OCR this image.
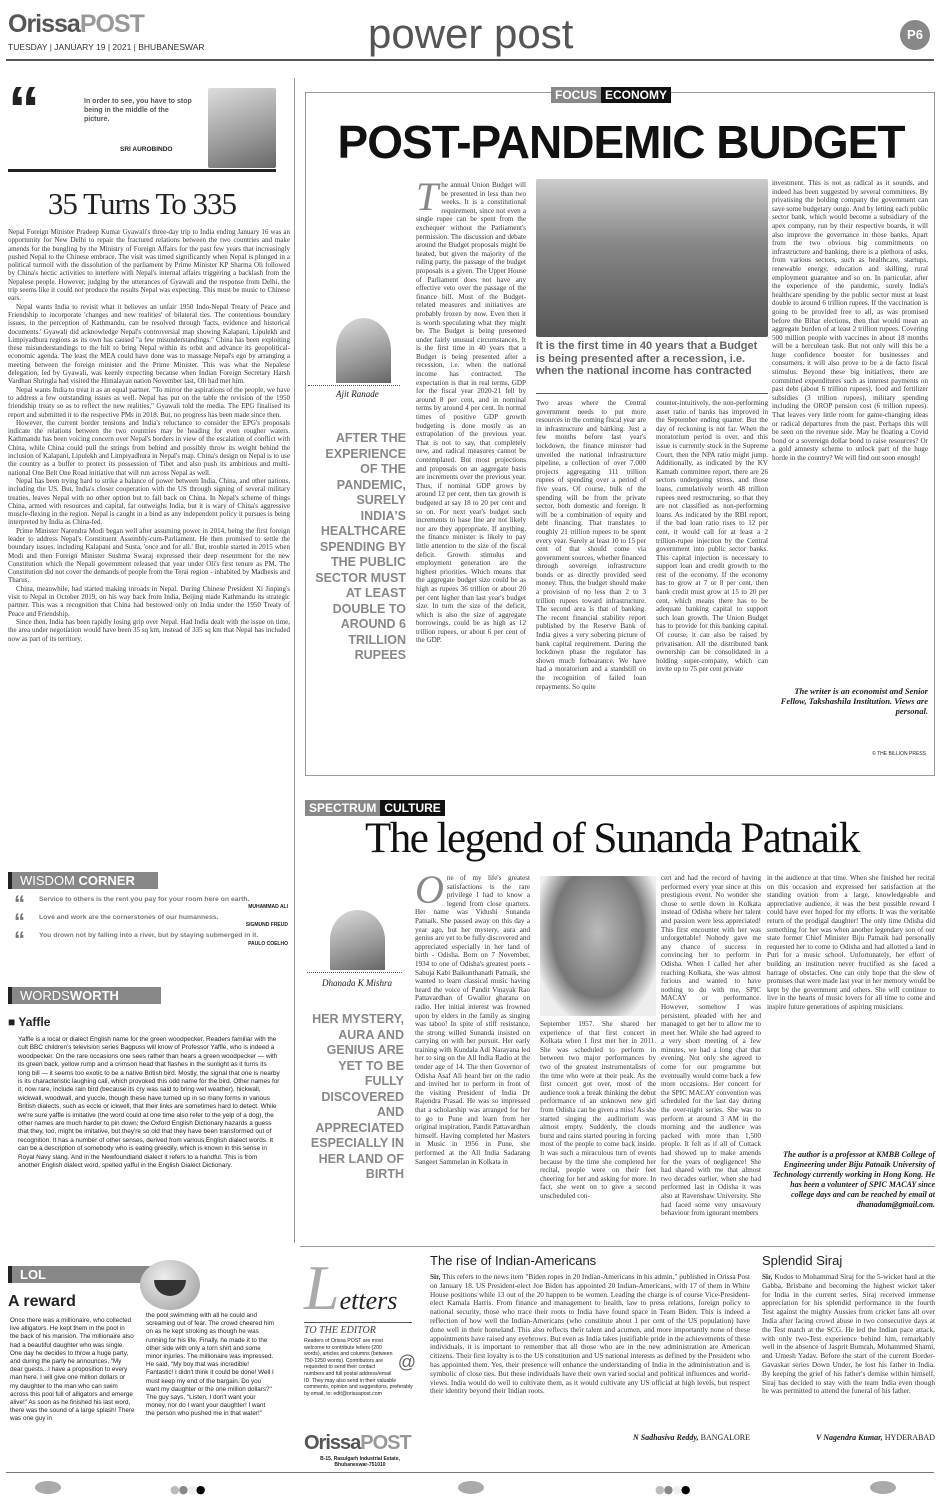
OrissaPOST
TUESDAY | JANUARY 19 | 2021 | BHUBANESWAR	power post	P6
“	In order to see, you have to stop being in the middle of the picture.
SRI AUROBINDO
35 Turns To 335

Nepal Foreign Minister Pradeep Kumar Gyawali's three-day trip to India ending January 16 was an opportunity for New Delhi to repair the fractured relations between the two countries and make amends for the bungling by the Ministry of Foreign Affairs for the past few years that increasingly pushed Nepal to the Chinese embrace. The visit was timed significantly when Nepal is plunged in a political turmoil with the dissolution of the parliament by Prime Minister KP Sharma Oli followed by China's hectic activities to interfere with Nepal's internal affairs triggering a backlash from the Nepalese people. However, judging by the utterances of Gyawali and the response from Delhi, the trip seems like it could not produce the results Nepal was expecting. This must be music to Chinese ears.

Nepal wants India to revisit what it believes an unfair 1950 Indo-Nepal Treaty of Peace and Friendship to incorporate 'changes and new realities' of bilateral ties. The contentious boundary issues, in the perception of Kathmandu, can be resolved through 'facts, evidence and historical documents.' Gyawali did acknowledge Nepal's controversial map showing Kalapani, Lipulekh and Limpiyadhura regions as its own has caused "a few misunderstandings." China has been exploiting these misunderstandings to the hilt to bring Nepal within its orbit and advance its geopolitical-economic agenda. The least the MEA could have done was to massage Nepal's ego by arranging a meeting between the foreign minister and the Prime Minister. This was what the Nepalese delegation, led by Gyawali, was keenly expecting because when Indian Foreign Secretary Harsh Vardhan Shringla had visited the Himalayan nation November last, Oli had met him.

Nepal wants India to treat it as an equal partner. "To mirror the aspirations of the people, we have to address a few outstanding issues as well. Nepal has put on the table the revision of the 1950 friendship treaty so as to reflect the new realities," Gyawali told the media. The EPG finalised its report and submitted it to the respective PMs in 2018. But, no progress has been made since then.

However, the current border tensions and India's reluctance to consider the EPG's proposals indicate the relations between the two countries may be heading for even rougher waters. Kathmandu has been voicing concern over Nepal's borders in view of the escalation of conflict with China, while China could pull the strings from behind and possibly throw its weight behind the inclusion of Kalapani, Lipulekh and Limpiyadhura in Nepal's map. China's design on Nepal is to use the country as a buffer to protect its possession of Tibet and also push its ambitious and multi-national One Belt One Road initiative that will run across Nepal as well.

Nepal has been trying hard to strike a balance of power between India, China, and other nations, including the US. But, India's closer cooperation with the US through signing of several military treaties, leaves Nepal with no other option but to fall back on China. In Nepal's scheme of things China, armed with resources and capital, far outweighs India, but it is wary of China's aggressive muscle-flexing in the region. Nepal is caught in a bind as any independent policy it pursues is being interpreted by India as China-fed.

Prime Minister Narendra Modi began well after assuming power in 2014, being the first foreign leader to address Nepal's Constituent Assembly-cum-Parliament. He then promised to settle the boundary issues, including Kalapani and Susta, 'once and for all.' But, trouble started in 2015 when Modi and then Foreign Minister Sushma Swaraj expressed their deep resentment for the new Constitution which the Nepali government released that year under Oli's first tenure as PM. The Constitution did not cover the demands of people from the Terai region - inhabited by Madhesis and Tharus.

China, meanwhile, had started making inroads in Nepal. During Chinese President Xi Jinping's visit to Nepal in October 2019, on his way back from India, Beijing made Kathmandu its strategic partner. This was a recognition that China had bestowed only on India under the 1950 Treaty of Peace and Friendship.

Since then, India has been rapidly losing grip over Nepal. Had India dealt with the issue on time, the area under negotiation would have been 35 sq km, instead of 335 sq km that Nepal has included now as part of its territory.

WISDOM CORNER
“ Service to others is the rent you pay for your room here on earth.
MUHAMMAD ALI
“ Love and work are the cornerstones of our humanness.
SIGMUND FREUD
“ You drown not by falling into a river, but by staying submerged in it.
PAULO COELHO
WORDSWORTH
■ Yaffle
Yaffle is a local or dialect English name for the green woodpecker. Readers familiar with the cult BBC children's television series Bagpuss will know of Professor Yaffle, who is indeed a woodpecker. On the rare occasions one sees rather than hears a green woodpecker — with its green back, yellow rump and a crimson head that flashes in the sunlight as it turns its long bill — it seems too exotic to be a native British bird. Mostly, the signal that one is nearby is its characteristic laughing call, which provoked this odd name for the bird. Other names for it, now rare, include rain bird (because its cry was said to bring wet weather), hickwall, wickwall, woodwall, and yuccle, though these have turned up in so many forms in various British dialects, such as eccle or ickwell, that their links are sometimes hard to detect. While we're sure yaffle is imitative (the word could at one time also refer to the yelp of a dog), the other names are much harder to pin down; the Oxford English Dictionary hazards a guess that they, too, might be imitative, but they're so old that they have been transformed out of recognition. It has a number of other senses, derived from various English dialect words. It can be a description of somebody who is eating greedily, which is known in this sense in Royal Navy slang. And in the Newfoundland dialect it refers to a handful. This is from another English dialect word, spelled yafful in the English Dialect Dictionary.
LOL
A reward
Once there was a millionaire, who collected live alligators. He kept them in the pool in the back of his mansion. The millionaire also had a beautiful daughter who was single. One day he decides to throw a huge party, and during the party he announces, "My dear guests...I have a proposition to every man here. I will give one million dollars or my daughter to the man who can swim across this pool full of alligators and emerge alive!" As soon as he finished his last word, there was the sound of a large splash! There was one guy in
the pool swimming with all he could and screaming out of fear. The crowd cheered him on as he kept stroking as though he was running for his life. Finally, he made it to the other side with only a torn shirt and some minor injuries. The millionaire was impressed. He said, "My boy that was incredible! Fantastic! I didn't think it could be done! Well I must keep my end of the bargain. Do you want my daughter or the one million dollars?" The guy says, "Listen, I don't want your money, nor do I want your daughter! I want the person who pushed me in that water!"
FOCUS ECONOMY
POST-PANDEMIC BUDGET
Ajit Ranade
AFTER THE EXPERIENCE OF THE PANDEMIC, SURELY INDIA'S HEALTHCARE SPENDING BY THE PUBLIC SECTOR MUST AT LEAST DOUBLE TO AROUND 6 TRILLION RUPEES
The annual Union Budget will be presented in less than two weeks. It is a constitutional requirement, since not even a single rupee can be spent from the exchequer without the Parliament's permission. The discussion and debate around the Budget proposals might be heated, but given the majority of the ruling party, the passage of the budget proposals is a given. The Upper House of Parliament does not have any effective veto over the passage of the finance bill. Most of the Budget-related measures and initiatives are probably frozen by now. Even then it is worth speculating what they might be. The Budget is being presented under fairly unusual circumstances. It is the first time in 40 years that a Budget is being presented after a recession, i.e. when the national income has contracted. The expectation is that in real terms, GDP for the fiscal year 2020-21 fell by around 8 per cent, and in nominal terms by around 4 per cent. In normal times of positive GDP growth budgeting is done mostly as an extrapolation of the previous year. That is not to say, that completely new, and radical measures cannot be contemplated. But most projections and proposals on an aggregate basis are increments over the previous year. Thus, if nominal GDP grows by around 12 per cent, then tax growth is budgeted at say 18 to 20 per cent and so on. For next year's budget such increments to base line are not likely nor are they appropriate. If anything, the finance minister is likely to pay little attention to the size of the fiscal deficit. Growth stimulus and employment generation are the highest priorities. Which means that the aggregate budget size could be as high as rupees 36 trillion or about 20 per cent higher than last year's budget size. In turn the size of the deficit, which is also the size of aggregate borrowings, could be as high as 12 trillion rupees, or about 6 per cent of the GDP.
It is the first time in 40 years that a Budget is being presented after a recession, i.e. when the national income has contracted
Two areas where the Central government needs to put more resources in the coming fiscal year are in infrastructure and banking. Just a few months before last year's lockdown, the finance minister had unveiled the national infrastructure pipeline, a collection of over 7,000 projects aggregating 111 trillion rupees of spending over a period of five years. Of course, bulk of the spending will be from the private sector, both domestic and foreign. It will be a combination of equity and debt financing. That translates to roughly 21 trillion rupees to be spent every year. Surely at least 10 to 15 per cent of that should come via government sources, whether financed through sovereign infrastructure bonds or as directly provided seed money. Thus, the budget should make a provision of no less than 2 to 3 trillion rupees toward infrastructure. The second area is that of banking. The recent financial stability report published by the Reserve Bank of India gives a very sobering picture of bank capital requirement. During the lockdown phase the regulator has shown much forbearance. We have had a moratorium and a standstill on the recognition of failed loan repayments. So quite
counter-intuitively, the non-performing asset ratio of banks has improved in the September ending quarter. But the day of reckoning is not far. When the moratorium period is over, and this issue is currently stuck in the Supreme Court, then the NPA ratio might jump. Additionally, as indicated by the KV Kamath committee report, there are 26 sectors undergoing stress, and those loans, cumulatively worth 48 trillion rupees need restructuring, so that they are not classified as non-performing loans. As indicated by the RBI report, if the bad loan ratio rises to 12 per cent, it would call for at least a 2 trillion-rupee injection by the Central government into public sector banks. This capital injection is necessary to support loan and credit growth to the rest of the economy. If the economy has to grow at 7 or 8 per cent, then bank credit must grow at 15 to 20 per cent, which means there has to be adequate banking capital to support such loan growth. The Union Budget has to provide for this banking capital. Of course, it can also be raised by privatisation. All the distributed bank ownership can be consolidated in a holding super-company, which can invite up to 75 per cent private
investment. This is not as radical as it sounds, and indeed has been suggested by several committees. By privatising the holding company the government can save some budgetary outgo. And by letting each public sector bank, which would become a subsidiary of the apex company, run by their respective boards, it will also improve the governance in those banks. Apart from the two obvious big commitments on infrastructure and banking, there is a plethora of asks, from various sectors, such as healthcare, startups, renewable energy, education and skilling, rural employment guarantee and so on. In particular, after the experience of the pandemic, surely India's healthcare spending by the public sector must at least double to around 6 trillion rupees. If the vaccination is going to be provided free to all, as was promised before the Bihar elections, then that would mean an aggregate burden of at least 2 trillion rupees. Covering 500 million people with vaccines in about 18 months will be a herculean task. But not only will this be a huge confidence booster for businesses and consumers, it will also prove to be a de facto fiscal stimulus. Beyond these big initiatives, there are committed expenditures such as interest payments on past debt (about 6 trillion rupees), food and fertilizer subsidies (3 trillion rupees), military spending including the OROP pension cost (6 trillion rupees). That leaves very little room for game-changing ideas or radical departures from the past. Perhaps this will be seen on the revenue side. May be floating a Covid bond or a sovereign dollar bond to raise resources? Or a gold amnesty scheme to unlock part of the huge horde in the country? We will find out soon enough!
The writer is an economist and Senior Fellow, Takshashila Institution. Views are personal.
© THE BILLION PRESS
SPECTRUM CULTURE
The legend of Sunanda Patnaik
Dhanada K Mishra
HER MYSTERY, AURA AND GENIUS ARE YET TO BE FULLY DISCOVERED AND APPRECIATED ESPECIALLY IN HER LAND OF BIRTH
One of my life's greatest satisfactions is the rare privilege I had to know a legend from close quarters. Her name was Vidushi Sunanda Patnaik. She passed away on this day a year ago, but her mystery, aura and genius are yet to be fully discovered and appreciated especially in her land of birth - Odisha. Born on 7 November, 1934 to one of Odisha's greatest poets - Sabuja Kabi Baikunthanath Patnaik, she wanted to learn classical music having heard the voice of Pandit Vinayak Rao Pattavardhan of Gwalior gharana on radio. Her initial interest was frowned upon by elders in the family as singing was taboo! In spite of stiff resistance, the strong willed Sunanda insisted on carrying on with her pursuit. Her early training with Kundala Adi Narayana led her to sing on the All India Radio at the tender age of 14. The then Governor of Odisha Asaf Ali heard her on the radio and invited her to perform in front of the visiting President of India Dr Rajendra Prasad. He was so impressed that a scholarship was arranged for her to go to Pune and learn from her original inspiration, Pandit Pattavardhan himself. Having completed her Masters in Music in 1956 in Pune, she performed at the All India Sadarang Sangeet Sammelan in Kolkata in
September 1957. She shared her experience of that first concert in Kolkata when I first met her in 2011. She was scheduled to perform in between two major performances by two of the greatest instrumentalists of the time who were at their peak. As the first concert got over, most of the audience took a break thinking the debut performance of an unknown new girl from Odisha can be given a miss! As she started singing the auditorium was almost empty. Suddenly, the clouds burst and rains started pouring in forcing most of the people to come back inside. It was such a miraculous turn of events because by the time she completed her recital, people were on their feet cheering for her and asking for more. In fact, she went on to give a second unscheduled con-
cert and had the record of having performed every year since at this prestigious event. No wonder she chose to settle down in Kolkata instead of Odisha where her talent and passion were less appreciated! This first encounter with her was unforgettable! Nobody gave me any chance of success in convincing her to perform in Odisha. When I called her after reaching Kolkata, she was almost furious and wanted to have nothing to do with me, SPIC MACAY or performance. However, somehow I was persistent, pleaded with her and managed to get her to allow me to meet her. While she had agreed to a very short meeting of a few minutes, we had a long chat that evening. Not only she agreed to come for our programme but eventually would come back a few more occasions. Her concert for the SPIC MACAY convention was scheduled for the last day during the over-night series. She was to perform at around 3 AM in the morning and the audience was packed with more than 1,500 people. It felt as if all of Cuttack had showed up to make amends for the years of negligence! She had shared with me that almost two decades earlier, when she had performed last in Odisha it was also at Ravenshaw University. She had faced some very unsavoury behaviour from ignorant members
in the audience at that time. When she finished her recital on this occasion and expressed her satisfaction at the standing ovation from a large, knowledgeable and appreciative audience, it was the best possible reward I could have ever hoped for my efforts. It was the veritable return of the prodigal daughter! The only time Odisha did something for her was when another legendary son of our state former Chief Minister Biju Patnaik had personally requested her to come to Odisha and had allotted a land in Puri for a music school. Unfortunately, her effort of building an institution never fructified as she faced a barrage of obstacles. One can only hope that the slew of promises that were made last year in her memory would be kept by the government and others. She will continue to live in the hearts of music lovers for all time to come and inspire future generations of aspiring musicians.
The author is a professor at KMBB College of Engineering under Biju Patnaik University of Technology currently working in Hong Kong. He has been a volunteer of SPIC MACAY since college days and can be reached by email at dhanadam@gmail.com.
Letters
TO THE EDITOR
@
Readers of Orissa POST are most welcome to contribute letters (200 words), articles and columns (between 750-1250 words). Contributors are requested to send their contact numbers and full postal address/email ID. They may also send in their valuable comments, opinion and suggestions, preferably by email, to: edit@orissapost.com
OrissaPOST
B-15, Rasulgarh Industrial Estate, Bhubaneswar-751010
The rise of Indian-Americans
Sir, This refers to the news item "Biden ropes in 20 Indian-Americans in his admin," published in Orissa Post on January 18. US President-elect Joe Biden has appointed 20 Indian-Americans, with 17 of them in White House positions while 13 out of the 20 happen to be women. Leading the charge is of course Vice-President-elect Kamala Harris. From finance and management to health, law to press relations, foreign policy to national security, those who trace their roots to India have found space in Team Biden. This is indeed a reflection of how well the Indian-Americans (who constitute about 1 per cent of the US population) have done well in their homeland. This also reflects their talent and acumen, and more importantly none of these appointments have raised any eyebrows. But even as India takes justifiable pride in the achievements of these individuals, it is important to remember that all those who are in the new administration are American citizens. Their first loyalty is to the US constitution and US national interests as defined by the President who has appointed them. Yes, their presence will enhance the understanding of India in the administration and is symbolic of close ties. But these individuals have their own varied social and political influences and world-views. India would do well to cultivate them, as it would cultivate any US official at high levels, but respect their identity beyond their Indian roots.
N Sadhasiva Reddy, BANGALORE
Splendid Siraj
Sir, Kudos to Mohammad Siraj for the 5-wicket haul at the Gabba, Brisbane and becoming the highest wicket taker for India in the current series. Siraj received immense appreciation for his splendid performance in the fourth Test against the mighty Aussies from cricket fans all over India after facing crowd abuse in two consecutive days at the Test match at the SCG. He led the Indian pace attack, with only two-Test experience behind him, remarkably well in the absence of Jasprit Bumrah, Mohammed Shami, and Umesh Yadav. Before the start of the current Border-Gavaskar series Down Under, he lost his father in India. By keeping the grief of his father's demise within himself, Siraj has decided to stay with the team India even though he was permitted to attend the funeral of his father.
V Nagendra Kumar, HYDERABAD
●●●●	●●●●
